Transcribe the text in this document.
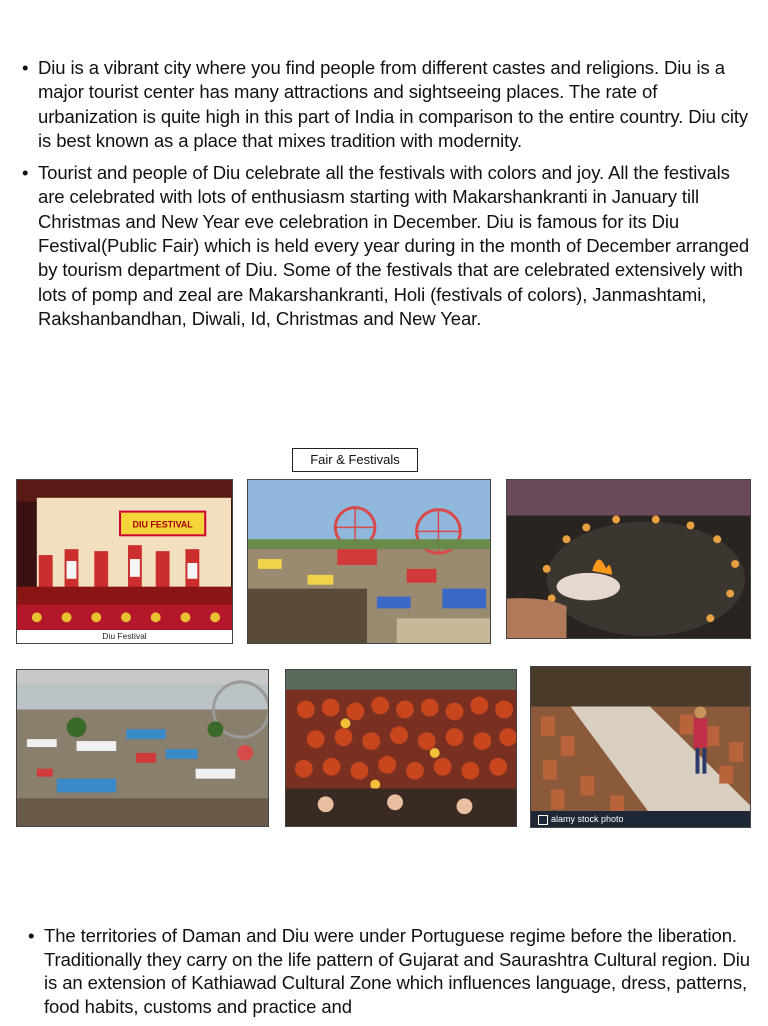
• Diu is a vibrant city where you find people from different castes and religions. Diu is a major tourist center has many attractions and sightseeing places. The rate of urbanization is quite high in this part of India in comparison to the entire country. Diu city is best known as a place that mixes tradition with modernity.
• Tourist and people of Diu celebrate all the festivals with colors and joy. All the festivals are celebrated with lots of enthusiasm starting with Makarshankranti in January till Christmas and New Year eve celebration in December. Diu is famous for its Diu Festival(Public Fair) which is held every year during in the month of December arranged by tourism department of Diu. Some of the festivals that are celebrated extensively with lots of pomp and zeal are Makarshankranti, Holi (festivals of colors), Janmashtami, Rakshanbandhan, Diwali, Id, Christmas and New Year.
Fair & Festivals
DIU FESTIVAL
Diu Festival
alamy stock photo
• The territories of Daman and Diu were under Portuguese regime before the liberation. Traditionally they carry on the life pattern of Gujarat and Saurashtra Cultural region. Diu is an extension of Kathiawad Cultural Zone which influences language, dress, patterns, food habits, customs and practice and
